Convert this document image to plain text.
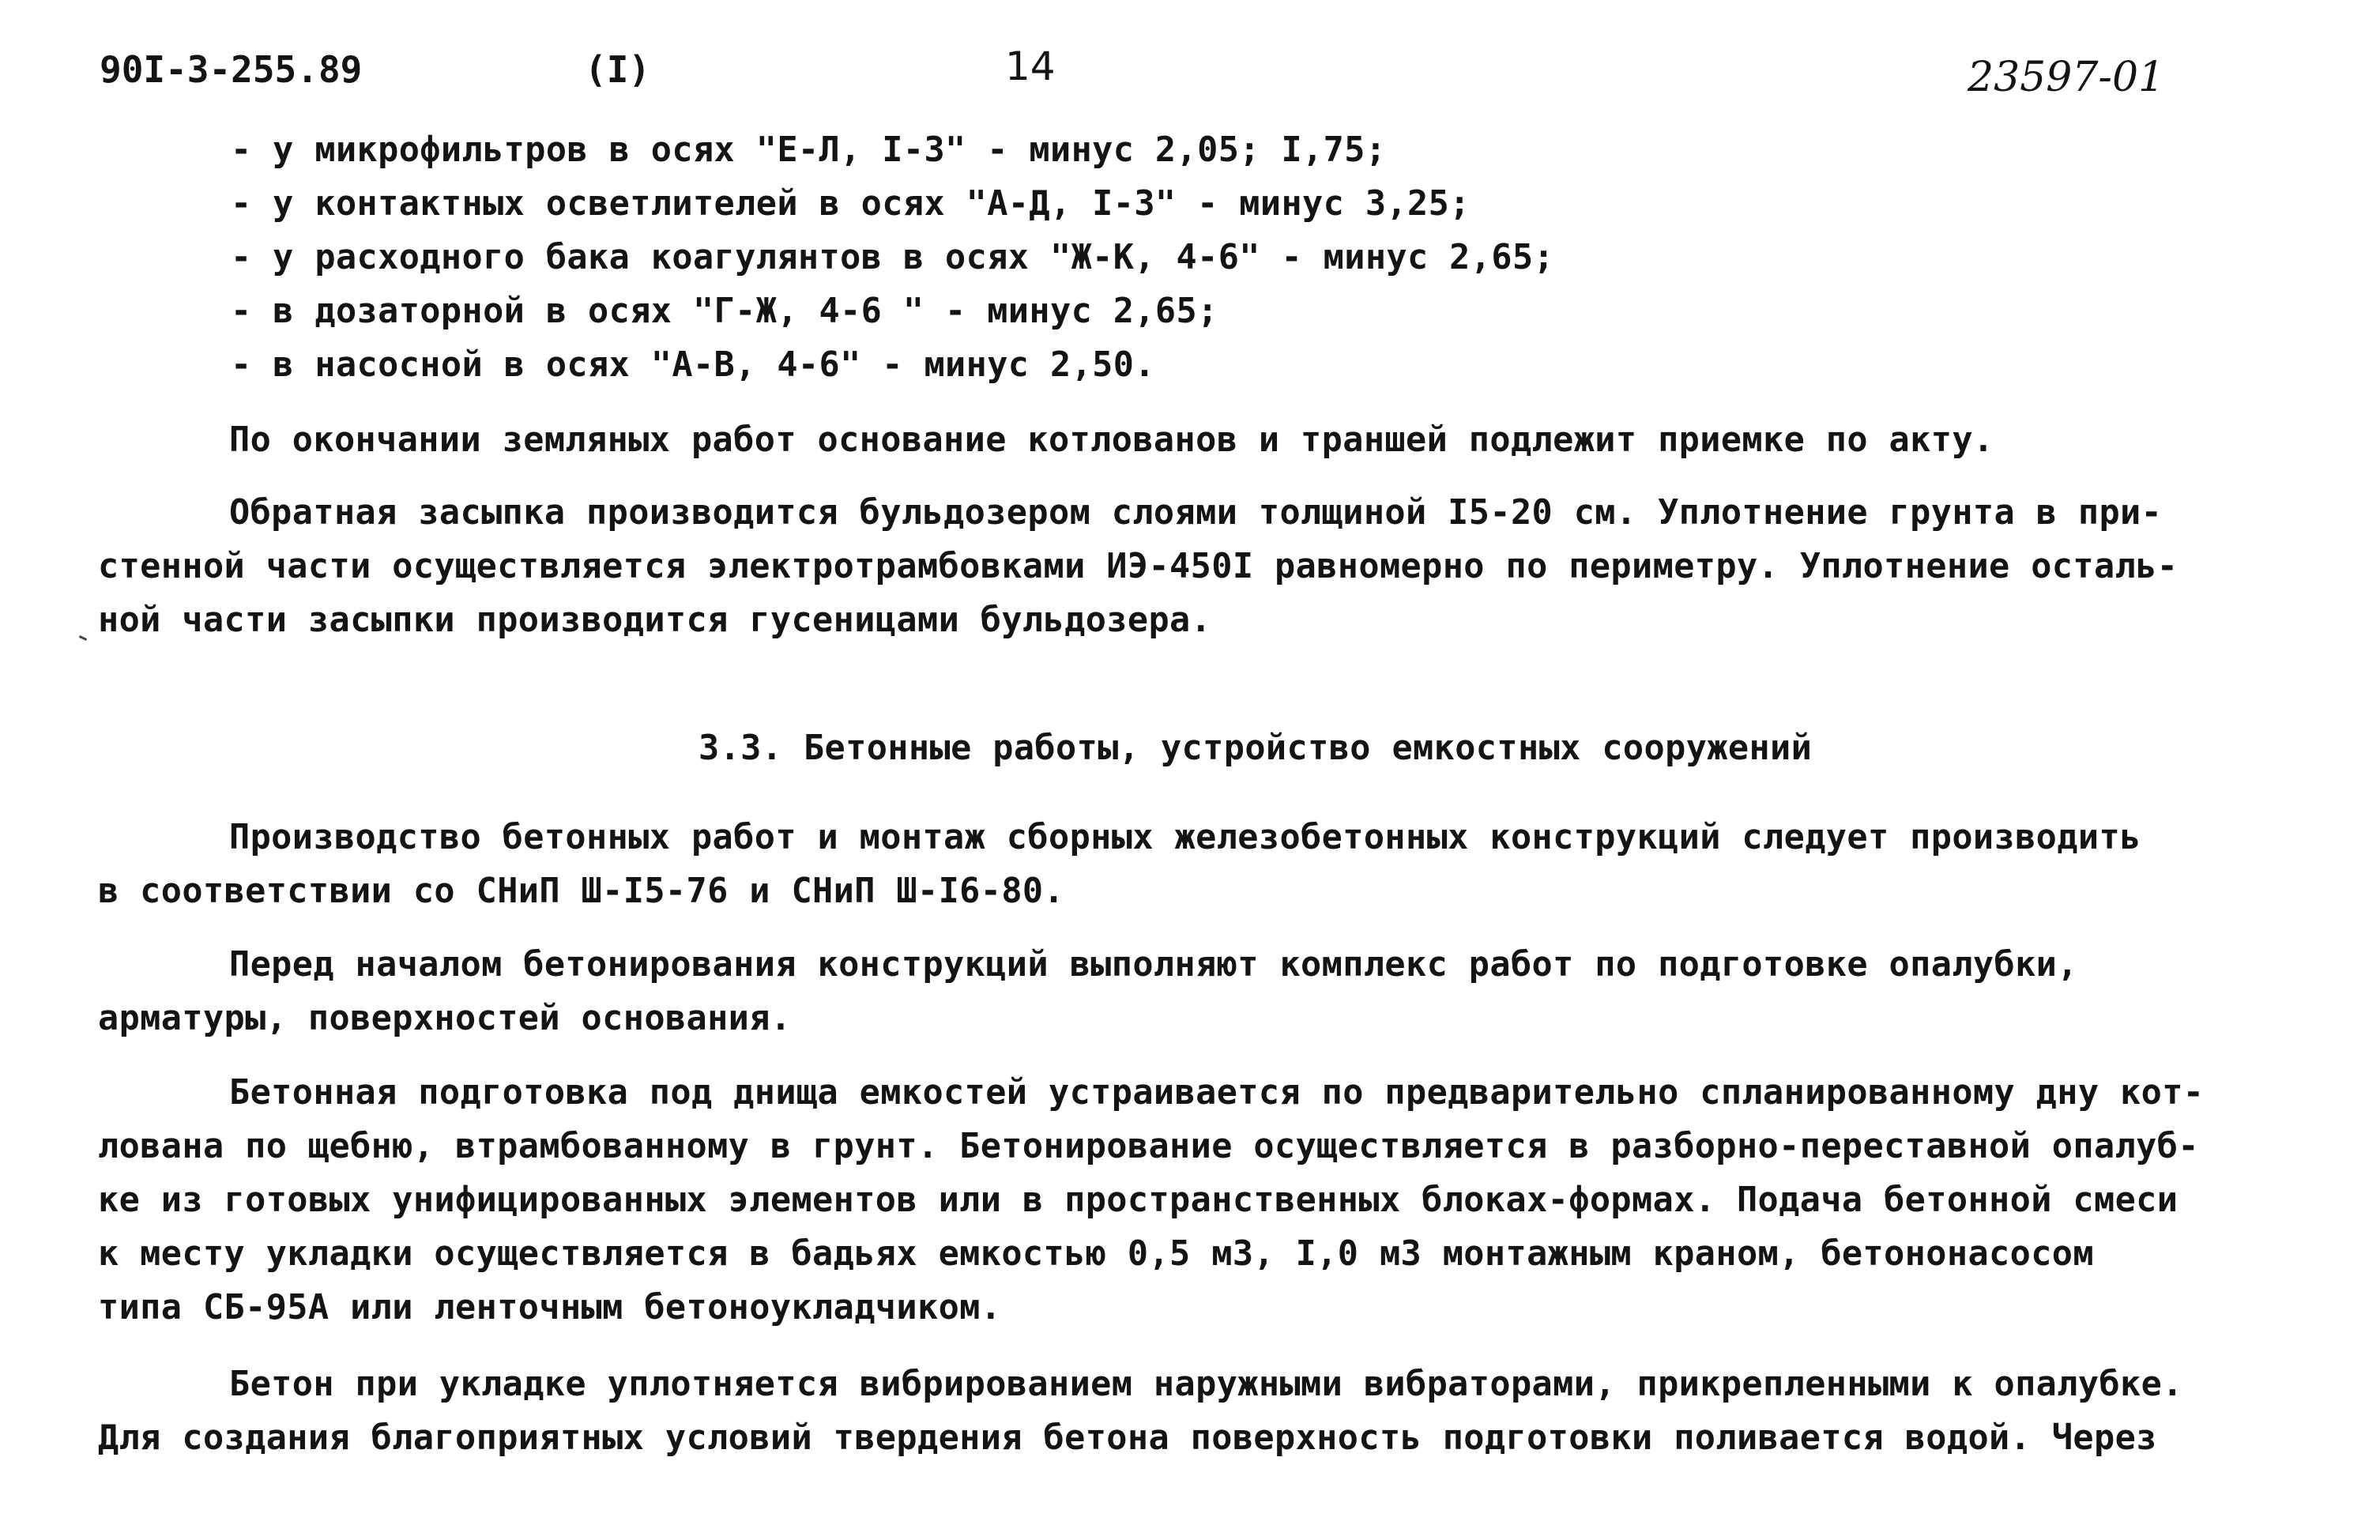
90I-3-255.89	(I)	14	23597-01
- у микрофильтров в осях "Е-Л, I-3" - минус 2,05; I,75;
- у контактных осветлителей в осях "А-Д, I-3" - минус 3,25;
- у расходного бака коагулянтов в осях "Ж-К, 4-6" - минус 2,65;
- в дозаторной в осях "Г-Ж, 4-6 " - минус 2,65;
- в насосной в осях "А-В, 4-6" - минус 2,50.
По окончании земляных работ основание котлованов и траншей подлежит приемке по акту.
Обратная засыпка производится бульдозером слоями толщиной I5-20 см. Уплотнение грунта в при-
стенной части осуществляется электротрамбовками ИЭ-450I равномерно по периметру. Уплотнение осталь-
ной части засыпки производится гусеницами бульдозера.
3.3. Бетонные работы, устройство емкостных сооружений
Производство бетонных работ и монтаж сборных железобетонных конструкций следует производить
в соответствии со СНиП Ш-I5-76 и СНиП Ш-I6-80.
Перед началом бетонирования конструкций выполняют комплекс работ по подготовке опалубки,
арматуры, поверхностей основания.
Бетонная подготовка под днища емкостей устраивается по предварительно спланированному дну кот-
лована по щебню, втрамбованному в грунт. Бетонирование осуществляется в разборно-переставной опалуб-
ке из готовых унифицированных элементов или в пространственных блоках-формах. Подача бетонной смеси
к месту укладки осуществляется в бадьях емкостью 0,5 м3, I,0 м3 монтажным краном, бетононасосом
типа СБ-95А или ленточным бетоноукладчиком.
Бетон при укладке уплотняется вибрированием наружными вибраторами, прикрепленными к опалубке.
Для создания благоприятных условий твердения бетона поверхность подготовки поливается водой. Через
